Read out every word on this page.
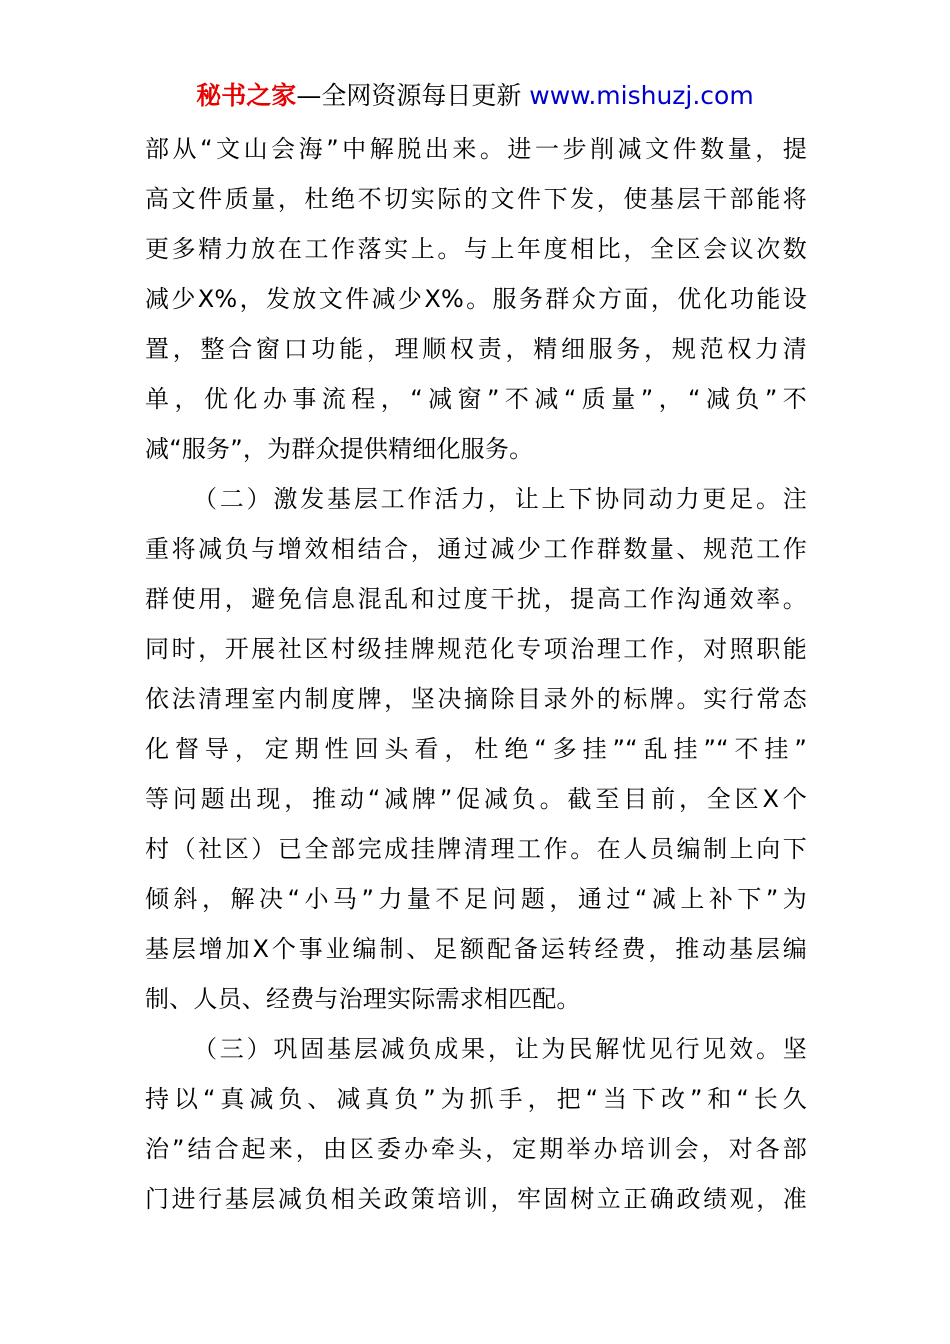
秘书之家—全网资源每日更新 www.mishuzj.com
部从“文山会海”中解脱出来。进一步削减文件数量，提
高文件质量，杜绝不切实际的文件下发，使基层干部能将
更多精力放在工作落实上。与上年度相比，全区会议次数
减少X%，发放文件减少X%。服务群众方面，优化功能设
置，整合窗口功能，理顺权责，精细服务，规范权力清
单，优化办事流程，“减窗”不减“质量”，“减负”不
减“服务”，为群众提供精细化服务。
（二）激发基层工作活力，让上下协同动力更足。注
重将减负与增效相结合，通过减少工作群数量、规范工作
群使用，避免信息混乱和过度干扰，提高工作沟通效率。
同时，开展社区村级挂牌规范化专项治理工作，对照职能
依法清理室内制度牌，坚决摘除目录外的标牌。实行常态
化督导，定期性回头看，杜绝“多挂”“乱挂”“不挂”
等问题出现，推动“减牌”促减负。截至目前，全区X个
村（社区）已全部完成挂牌清理工作。在人员编制上向下
倾斜，解决“小马”力量不足问题，通过“减上补下”为
基层增加X个事业编制、足额配备运转经费，推动基层编
制、人员、经费与治理实际需求相匹配。
（三）巩固基层减负成果，让为民解忧见行见效。坚
持以“真减负、减真负”为抓手，把“当下改”和“长久
治”结合起来，由区委办牵头，定期举办培训会，对各部
门进行基层减负相关政策培训，牢固树立正确政绩观，准
